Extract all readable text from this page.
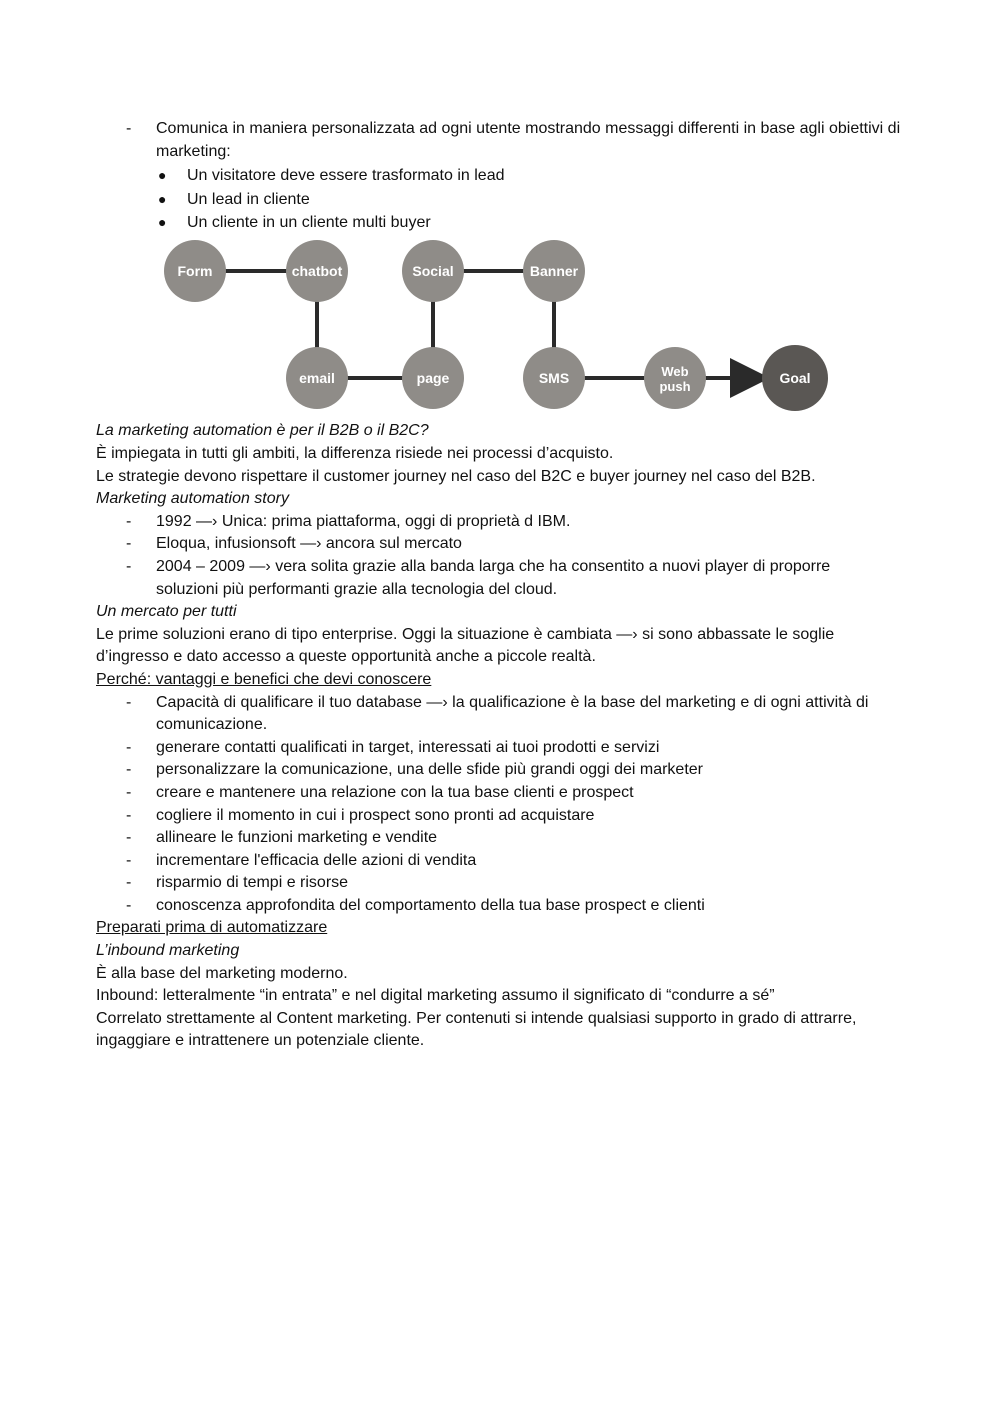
- Comunica in maniera personalizzata ad ogni utente mostrando messaggi differenti in base agli obiettivi di marketing:
● Un visitatore deve essere trasformato in lead
● Un lead in cliente
● Un cliente in un cliente multi buyer
Form	chatbot	Social	Banner
email	page	SMS	Web push
Goal
La marketing automation è per il B2B o il B2C?
È impiegata in tutti gli ambiti, la differenza risiede nei processi d’acquisto.
Le strategie devono rispettare il customer journey nel caso del B2C e buyer journey nel caso del B2B.
Marketing automation story
- 1992 —› Unica: prima piattaforma, oggi di proprietà d IBM.
- Eloqua, infusionsoft —› ancora sul mercato
- 2004 – 2009 —› vera solita grazie alla banda larga che ha consentito a nuovi player di proporre soluzioni più performanti grazie alla tecnologia del cloud.
Un mercato per tutti
Le prime soluzioni erano di tipo enterprise. Oggi la situazione è cambiata —› si sono abbassate le soglie d’ingresso e dato accesso a queste opportunità anche a piccole realtà.
Perché: vantaggi e benefici che devi conoscere
- Capacità di qualificare il tuo database —› la qualificazione è la base del marketing e di ogni attività di comunicazione.
- generare contatti qualificati in target, interessati ai tuoi prodotti e servizi
- personalizzare la comunicazione, una delle sfide più grandi oggi dei marketer
- creare e mantenere una relazione con la tua base clienti e prospect
- cogliere il momento in cui i prospect sono pronti ad acquistare
- allineare le funzioni marketing e vendite
- incrementare l'efficacia delle azioni di vendita
- risparmio di tempi e risorse
- conoscenza approfondita del comportamento della tua base prospect e clienti
Preparati prima di automatizzare
L’inbound marketing
È alla base del marketing moderno.
Inbound: letteralmente “in entrata” e nel digital marketing assumo il significato di “condurre a sé”
Correlato strettamente al Content marketing. Per contenuti si intende qualsiasi supporto in grado di attrarre, ingaggiare e intrattenere un potenziale cliente.
